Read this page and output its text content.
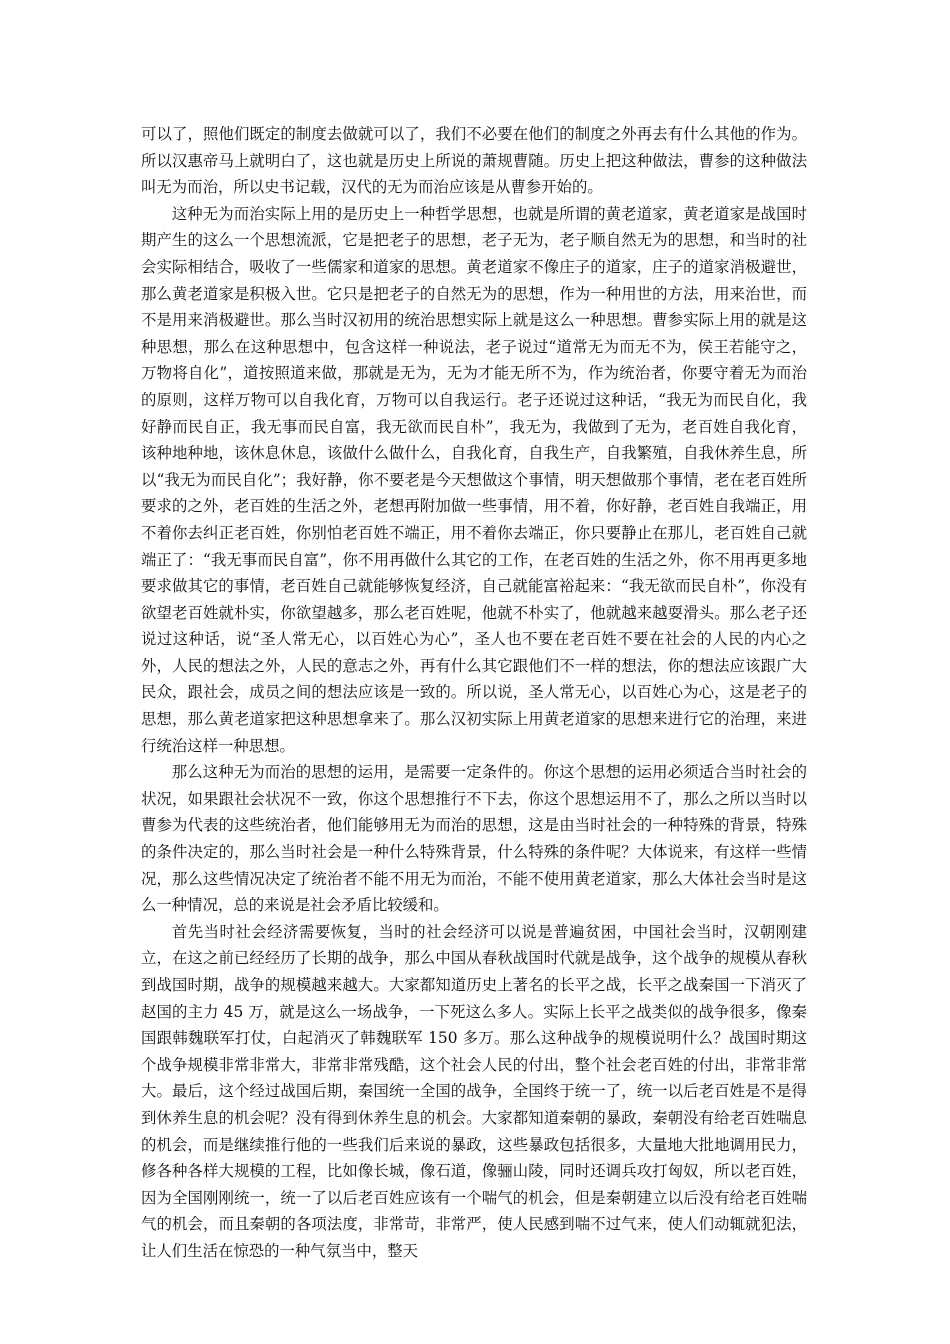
可以了，照他们既定的制度去做就可以了，我们不必要在他们的制度之外再去有什么其他的作为。所以汉惠帝马上就明白了，这也就是历史上所说的萧规曹随。历史上把这种做法，曹参的这种做法叫无为而治，所以史书记载，汉代的无为而治应该是从曹参开始的。

这种无为而治实际上用的是历史上一种哲学思想，也就是所谓的黄老道家，黄老道家是战国时期产生的这么一个思想流派，它是把老子的思想，老子无为，老子顺自然无为的思想，和当时的社会实际相结合，吸收了一些儒家和道家的思想。黄老道家不像庄子的道家，庄子的道家消极避世，那么黄老道家是积极入世。它只是把老子的自然无为的思想，作为一种用世的方法，用来治世，而不是用来消极避世。那么当时汉初用的统治思想实际上就是这么一种思想。曹参实际上用的就是这种思想，那么在这种思想中，包含这样一种说法，老子说过“道常无为而无不为，侯王若能守之，万物将自化”，道按照道来做，那就是无为，无为才能无所不为，作为统治者，你要守着无为而治的原则，这样万物可以自我化育，万物可以自我运行。老子还说过这种话，“我无为而民自化，我好静而民自正，我无事而民自富，我无欲而民自朴”，我无为，我做到了无为，老百姓自我化育，该种地种地，该休息休息，该做什么做什么，自我化育，自我生产，自我繁殖，自我休养生息，所以“我无为而民自化”；我好静，你不要老是今天想做这个事情，明天想做那个事情，老在老百姓所要求的之外，老百姓的生活之外，老想再附加做一些事情，用不着，你好静，老百姓自我端正，用不着你去纠正老百姓，你别怕老百姓不端正，用不着你去端正，你只要静止在那儿，老百姓自己就端正了：“我无事而民自富”，你不用再做什么其它的工作，在老百姓的生活之外，你不用再更多地要求做其它的事情，老百姓自己就能够恢复经济，自己就能富裕起来：“我无欲而民自朴”，你没有欲望老百姓就朴实，你欲望越多，那么老百姓呢，他就不朴实了，他就越来越耍滑头。那么老子还说过这种话，说“圣人常无心，以百姓心为心”，圣人也不要在老百姓不要在社会的人民的内心之外，人民的想法之外，人民的意志之外，再有什么其它跟他们不一样的想法，你的想法应该跟广大民众，跟社会，成员之间的想法应该是一致的。所以说，圣人常无心，以百姓心为心，这是老子的思想，那么黄老道家把这种思想拿来了。那么汉初实际上用黄老道家的思想来进行它的治理，来进行统治这样一种思想。

那么这种无为而治的思想的运用，是需要一定条件的。你这个思想的运用必须适合当时社会的状况，如果跟社会状况不一致，你这个思想推行不下去，你这个思想运用不了，那么之所以当时以曹参为代表的这些统治者，他们能够用无为而治的思想，这是由当时社会的一种特殊的背景，特殊的条件决定的，那么当时社会是一种什么特殊背景，什么特殊的条件呢？大体说来，有这样一些情况，那么这些情况决定了统治者不能不用无为而治，不能不使用黄老道家，那么大体社会当时是这么一种情况，总的来说是社会矛盾比较缓和。

首先当时社会经济需要恢复，当时的社会经济可以说是普遍贫困，中国社会当时，汉朝刚建立，在这之前已经经历了长期的战争，那么中国从春秋战国时代就是战争，这个战争的规模从春秋到战国时期，战争的规模越来越大。大家都知道历史上著名的长平之战，长平之战秦国一下消灭了赵国的主力 45 万，就是这么一场战争，一下死这么多人。实际上长平之战类似的战争很多，像秦国跟韩魏联军打仗，白起消灭了韩魏联军 150 多万。那么这种战争的规模说明什么？战国时期这个战争规模非常非常大，非常非常残酷，这个社会人民的付出，整个社会老百姓的付出，非常非常大。最后，这个经过战国后期，秦国统一全国的战争，全国终于统一了，统一以后老百姓是不是得到休养生息的机会呢？没有得到休养生息的机会。大家都知道秦朝的暴政，秦朝没有给老百姓喘息的机会，而是继续推行他的一些我们后来说的暴政，这些暴政包括很多，大量地大批地调用民力，修各种各样大规模的工程，比如像长城，像石道，像骊山陵，同时还调兵攻打匈奴，所以老百姓，因为全国刚刚统一，统一了以后老百姓应该有一个喘气的机会，但是秦朝建立以后没有给老百姓喘气的机会，而且秦朝的各项法度，非常苛，非常严，使人民感到喘不过气来，使人们动辄就犯法，让人们生活在惊恐的一种气氛当中，整天
